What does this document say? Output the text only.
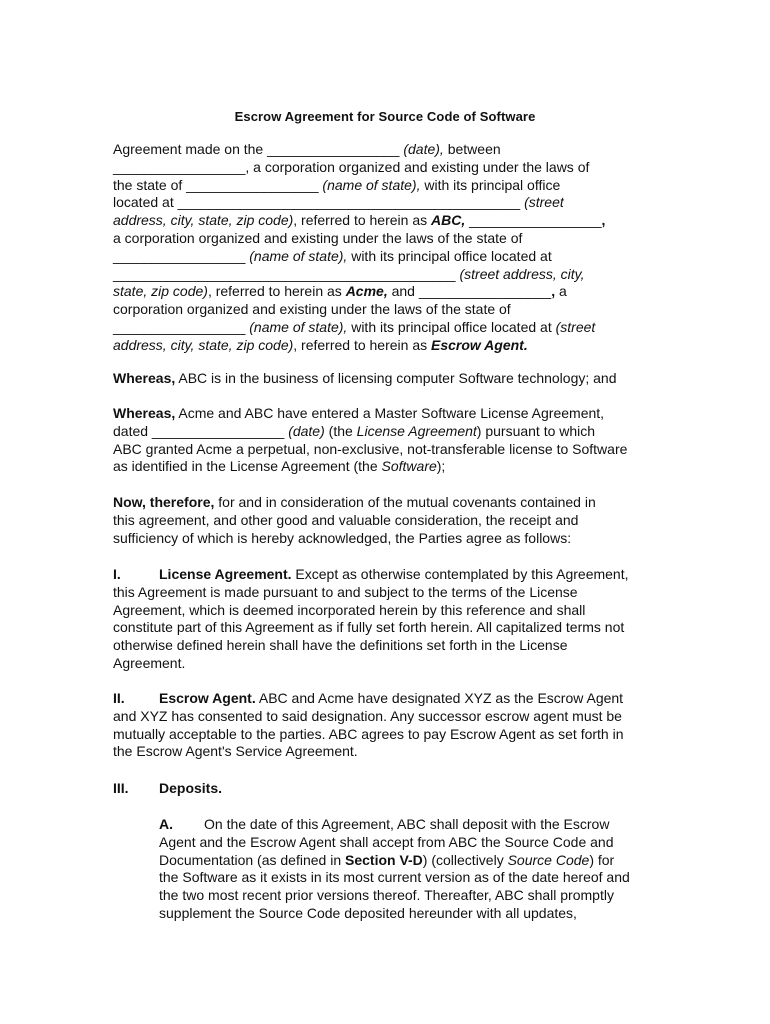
Escrow Agreement for Source Code of Software
Agreement made on the _________________ (date), between
_________________, a corporation organized and existing under the laws of
the state of _________________ (name of state), with its principal office
located at ____________________________________________ (street
address, city, state, zip code), referred to herein as ABC, _________________,
a corporation organized and existing under the laws of the state of
_________________ (name of state), with its principal office located at
____________________________________________ (street address, city,
state, zip code), referred to herein as Acme, and _________________, a
corporation organized and existing under the laws of the state of
_________________ (name of state), with its principal office located at (street
address, city, state, zip code), referred to herein as Escrow Agent.
Whereas, ABC is in the business of licensing computer Software technology; and
Whereas, Acme and ABC have entered a Master Software License Agreement,
dated _________________ (date) (the License Agreement) pursuant to which
ABC granted Acme a perpetual, non-exclusive, not-transferable license to Software
as identified in the License Agreement (the Software);
Now, therefore, for and in consideration of the mutual covenants contained in
this agreement, and other good and valuable consideration, the receipt and
sufficiency of which is hereby acknowledged, the Parties agree as follows:
I.	License Agreement. Except as otherwise contemplated by this Agreement,
this Agreement is made pursuant to and subject to the terms of the License
Agreement, which is deemed incorporated herein by this reference and shall
constitute part of this Agreement as if fully set forth herein. All capitalized terms not
otherwise defined herein shall have the definitions set forth in the License
Agreement.
II. Escrow Agent. ABC and Acme have designated XYZ as the Escrow Agent
and XYZ has consented to said designation. Any successor escrow agent must be
mutually acceptable to the parties. ABC agrees to pay Escrow Agent as set forth in
the Escrow Agent's Service Agreement.
III. Deposits.
A. On the date of this Agreement, ABC shall deposit with the Escrow
Agent and the Escrow Agent shall accept from ABC the Source Code and
Documentation (as defined in Section V-D) (collectively Source Code) for
the Software as it exists in its most current version as of the date hereof and
the two most recent prior versions thereof. Thereafter, ABC shall promptly
supplement the Source Code deposited hereunder with all updates,
